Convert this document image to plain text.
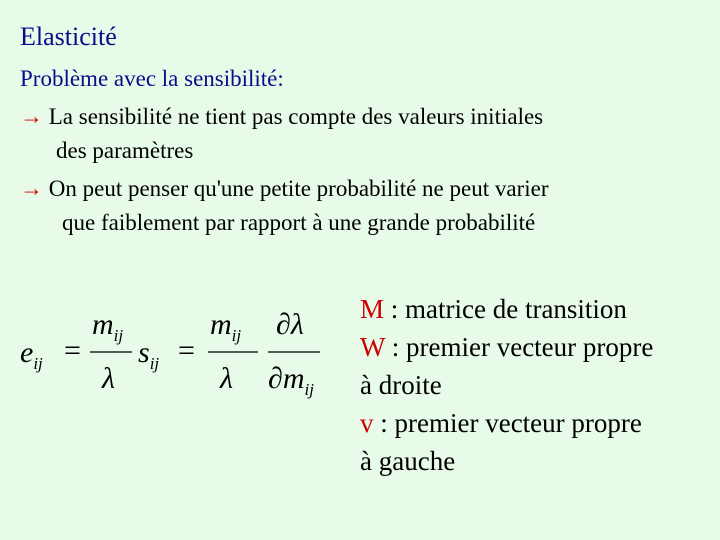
Elasticité
Problème avec la sensibilité:
→ La sensibilité ne tient pas compte des valeurs initiales
des paramètres
→ On peut penser qu'une petite probabilité ne peut varier
que faiblement par rapport à une grande probabilité
$e_{ij}$ =
$m_{ij}$
λ
$s_{ij}$ =
$m_{ij}$
λ
∂λ
$\partial m_{ij}$
M : matrice de transition
W : premier vecteur propre
à droite
v : premier vecteur propre
à gauche
